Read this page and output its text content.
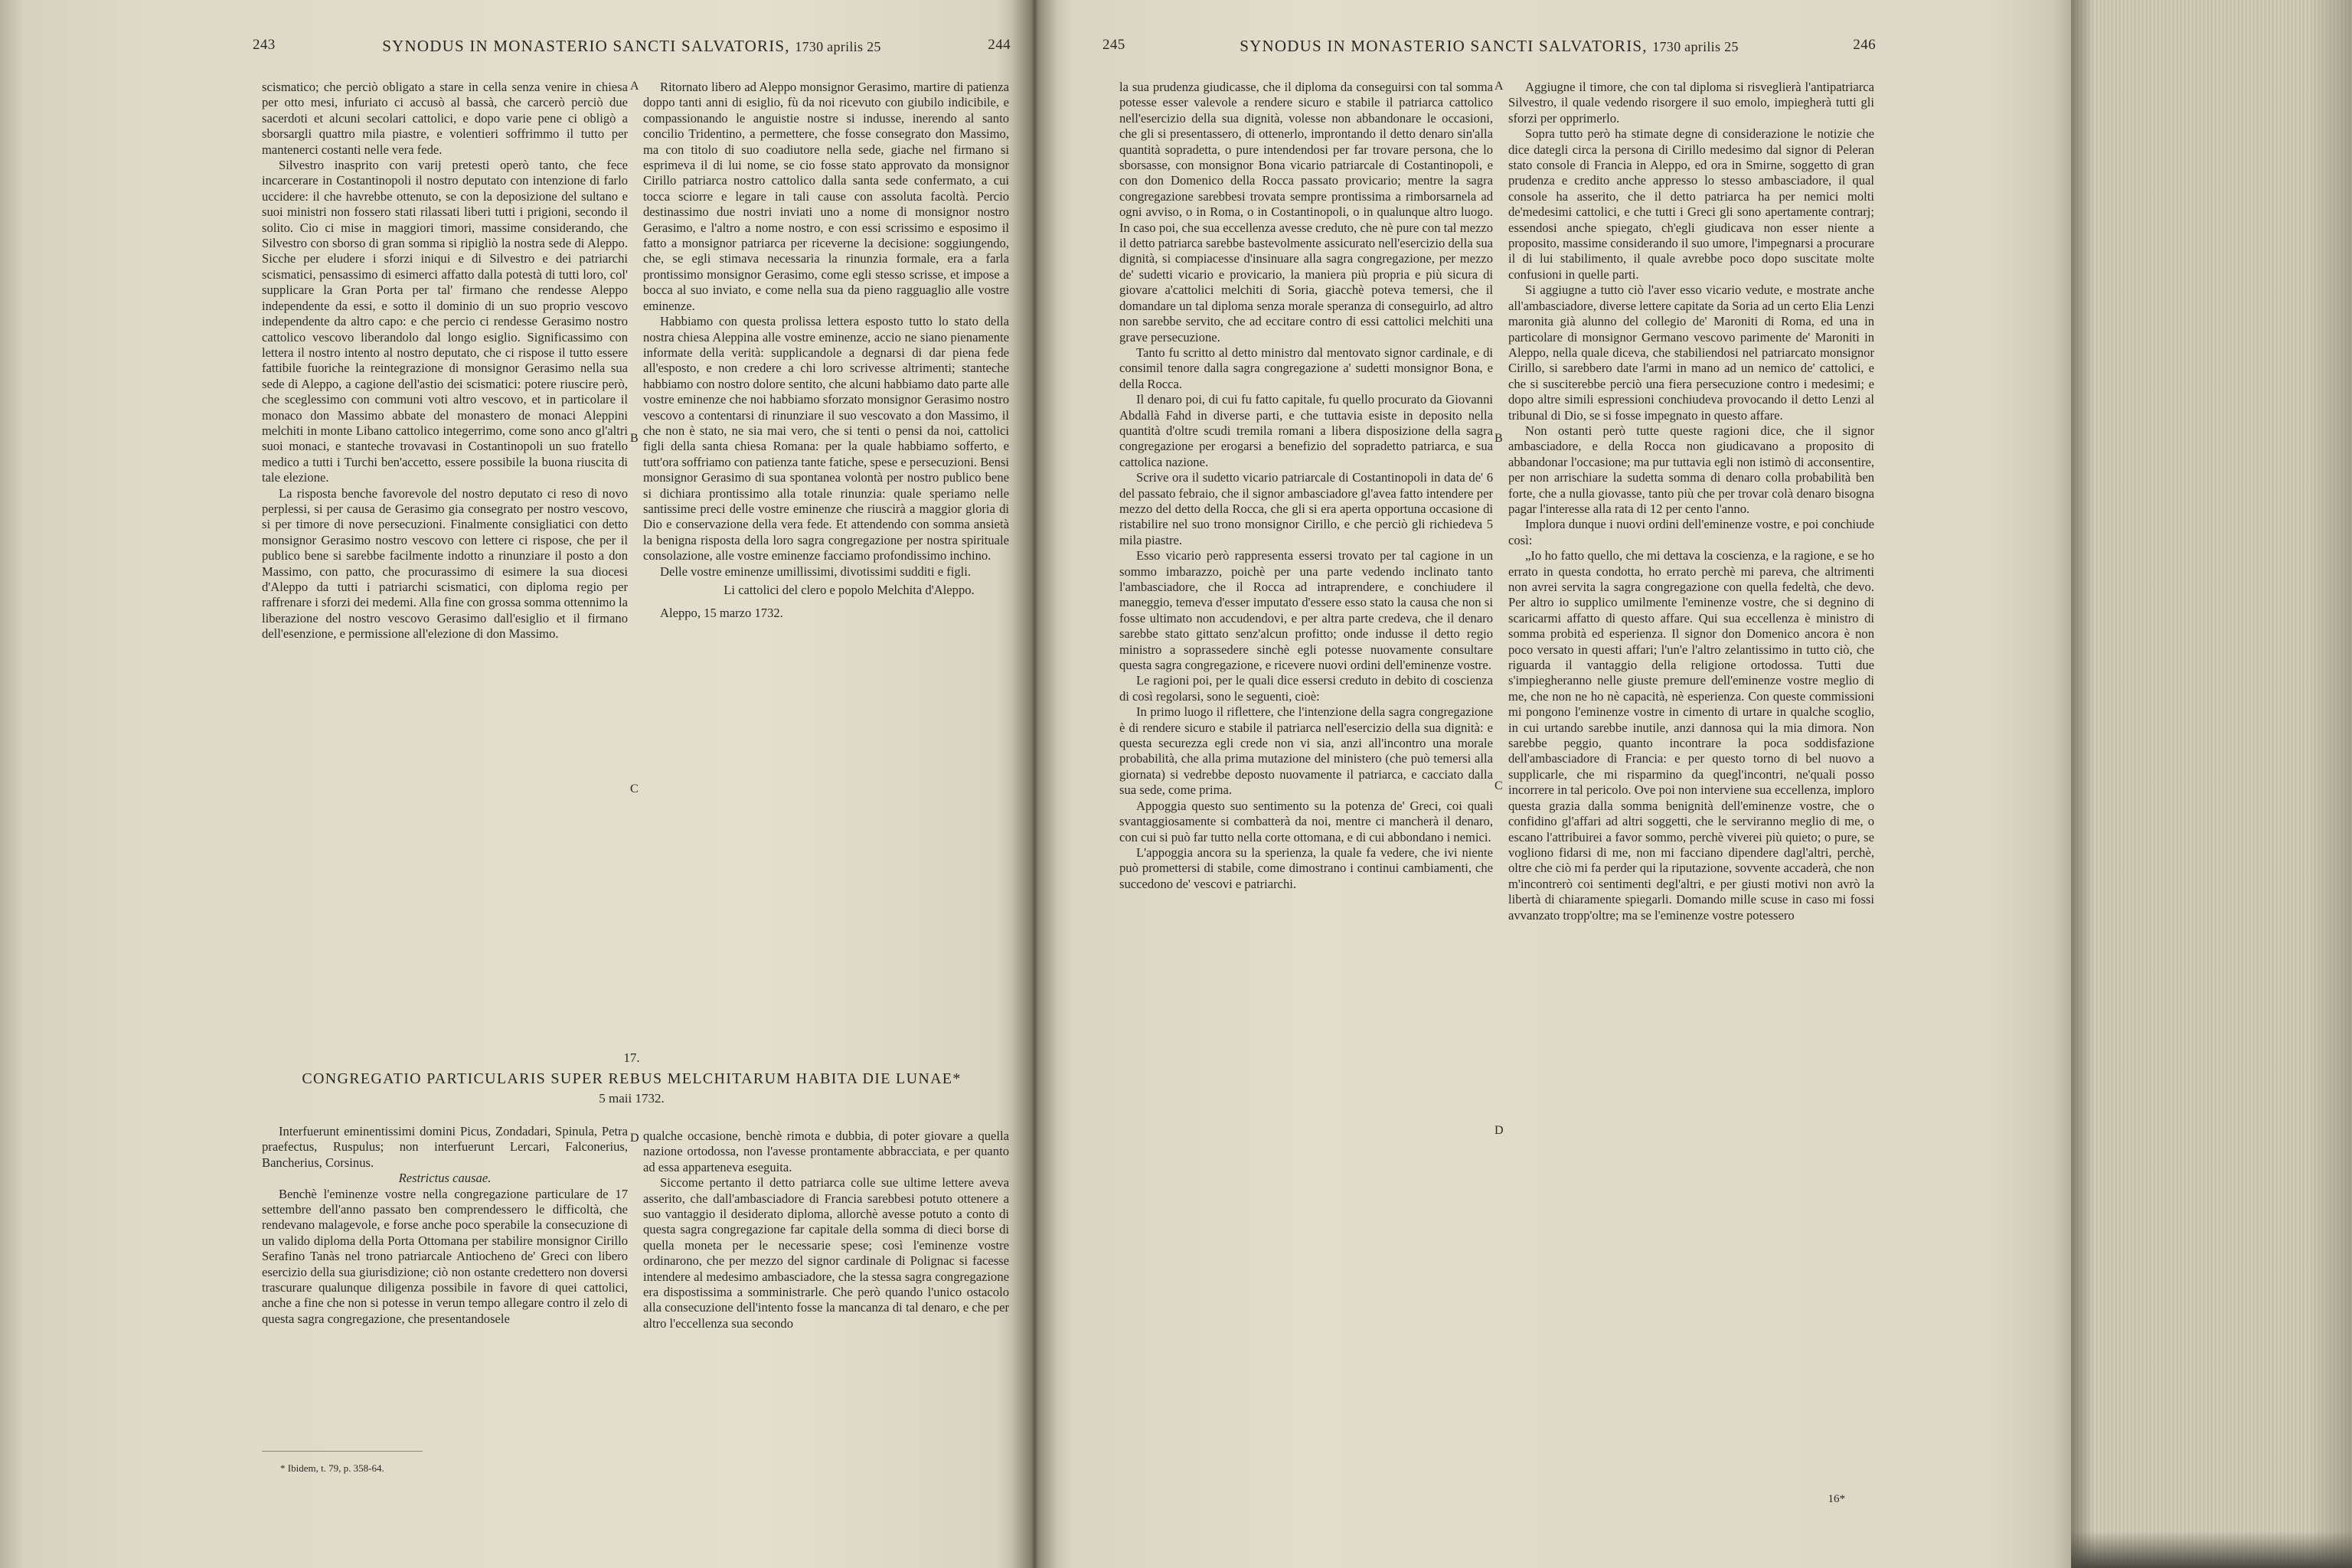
243	SYNODUS IN MONASTERIO SANCTI SALVATORIS, 1730 aprilis 25	244

scismatico; che perciò obligato a stare in cella senza venire in chiesa per otto mesi, infuriato ci accusò al bassà, che carcerò perciò due sacerdoti et alcuni secolari cattolici, e dopo varie pene ci obligò a sborsargli quattro mila piastre, e volentieri soffrimmo il tutto per mantenerci costanti nelle vera fede.

Silvestro inasprito con varij pretesti operò tanto, che fece incarcerare in Costantinopoli il nostro deputato con intenzione di farlo uccidere: il che havrebbe ottenuto, se con la deposizione del sultano e suoi ministri non fossero stati rilassati liberi tutti i prigioni, secondo il solito. Cio ci mise in maggiori timori, massime considerando, che Silvestro con sborso di gran somma si ripigliò la nostra sede di Aleppo. Sicche per eludere i sforzi iniqui e di Silvestro e dei patriarchi scismatici, pensassimo di esimerci affatto dalla potestà di tutti loro, col' supplicare la Gran Porta per tal' firmano che rendesse Aleppo independente da essi, e sotto il dominio di un suo proprio vescovo independente da altro capo: e che percio ci rendesse Gerasimo nostro cattolico vescovo liberandolo dal longo esiglio. Significassimo con lettera il nostro intento al nostro deputato, che ci rispose il tutto essere fattibile fuoriche la reintegrazione di monsignor Gerasimo nella sua sede di Aleppo, a cagione dell'astio dei scismatici: potere riuscire però, che sceglessimo con communi voti altro vescovo, et in particolare il monaco don Massimo abbate del monastero de monaci Aleppini melchiti in monte Libano cattolico integerrimo, come sono anco gl'altri suoi monaci, e stanteche trovavasi in Costantinopoli un suo fratello medico a tutti i Turchi ben'accetto, essere possibile la buona riuscita di tale elezione.

La risposta benche favorevole del nostro deputato ci reso di novo perplessi, si per causa de Gerasimo gia consegrato per nostro vescovo, si per timore di nove persecuzioni. Finalmente consigliatici con detto monsignor Gerasimo nostro vescovo con lettere ci rispose, che per il publico bene si sarebbe facilmente indotto a rinunziare il posto a don Massimo, con patto, che procurassimo di esimere la sua diocesi d'Aleppo da tutti i patriarchi scismatici, con diploma regio per raffrenare i sforzi dei medemi. Alla fine con grossa somma ottennimo la liberazione del nostro vescovo Gerasimo dall'esiglio et il firmano dell'esenzione, e permissione all'elezione di don Massimo.

Ritornato libero ad Aleppo monsignor Gerasimo, martire di patienza doppo tanti anni di esiglio, fù da noi ricevuto con giubilo indicibile, e compassionando le anguistie nostre si indusse, inerendo al santo concilio Tridentino, a permettere, che fosse consegrato don Massimo, ma con titolo di suo coadiutore nella sede, giache nel firmano si esprimeva il di lui nome, se cio fosse stato approvato da monsignor Cirillo patriarca nostro cattolico dalla santa sede confermato, a cui tocca sciorre e legare in tali cause con assoluta facoltà. Percio destinassimo due nostri inviati uno a nome di monsignor nostro Gerasimo, e l'altro a nome nostro, e con essi scrissimo e esposimo il fatto a monsignor patriarca per riceverne la decisione: soggiungendo, che, se egli stimava necessaria la rinunzia formale, era a farla prontissimo monsignor Gerasimo, come egli stesso scrisse, et impose a bocca al suo inviato, e come nella sua da pieno ragguaglio alle vostre eminenze.

Habbiamo con questa prolissa lettera esposto tutto lo stato della nostra chiesa Aleppina alle vostre eminenze, accio ne siano pienamente informate della verità: supplicandole a degnarsi di dar piena fede all'esposto, e non credere a chi loro scrivesse altrimenti; stanteche habbiamo con nostro dolore sentito, che alcuni habbiamo dato parte alle vostre eminenze che noi habbiamo sforzato monsignor Gerasimo nostro vescovo a contentarsi di rinunziare il suo vescovato a don Massimo, il che non è stato, ne sia mai vero, che si tenti o pensi da noi, cattolici figli della santa chiesa Romana: per la quale habbiamo sofferto, e tutt'ora soffriamo con patienza tante fatiche, spese e persecuzioni. Bensi monsignor Gerasimo di sua spontanea volontà per nostro publico bene si dichiara prontissimo alla totale rinunzia: quale speriamo nelle santissime preci delle vostre eminenze che riuscirà a maggior gloria di Dio e conservazione della vera fede. Et attendendo con somma ansietà la benigna risposta della loro sagra congregazione per nostra spirituale consolazione, alle vostre eminenze facciamo profondissimo inchino.

Delle vostre eminenze umillissimi, divotissimi sudditi e figli.

Li cattolici del clero e popolo Melchita d'Aleppo.

Aleppo, 15 marzo 1732.

A
B
C
D
17.
CONGREGATIO PARTICULARIS SUPER REBUS MELCHITARUM HABITA DIE LUNAE*
5 maii 1732.

Interfuerunt eminentissimi domini Picus, Zondadari, Spinula, Petra praefectus, Ruspulus; non interfuerunt Lercari, Falconerius, Bancherius, Corsinus.

Restrictus causae.

Benchè l'eminenze vostre nella congregazione particulare de 17 settembre dell'anno passato ben comprendessero le difficoltà, che rendevano malagevole, e forse anche poco sperabile la consecuzione di un valido diploma della Porta Ottomana per stabilire monsignor Cirillo Serafino Tanàs nel trono patriarcale Antiocheno de' Greci con libero esercizio della sua giurisdizione; ciò non ostante credettero non doversi trascurare qualunque diligenza possibile in favore di quei cattolici, anche a fine che non si potesse in verun tempo allegare contro il zelo di questa sagra congregazione, che presentandosele

qualche occasione, benchè rimota e dubbia, di poter giovare a quella nazione ortodossa, non l'avesse prontamente abbracciata, e per quanto ad essa apparteneva eseguita.

Siccome pertanto il detto patriarca colle sue ultime lettere aveva asserito, che dall'ambasciadore di Francia sarebbesi potuto ottenere a suo vantaggio il desiderato diploma, allorchè avesse potuto a conto di questa sagra congregazione far capitale della somma di dieci borse di quella moneta per le necessarie spese; così l'eminenze vostre ordinarono, che per mezzo del signor cardinale di Polignac si facesse intendere al medesimo ambasciadore, che la stessa sagra congregazione era dispostissima a somministrarle. Che però quando l'unico ostacolo alla consecuzione dell'intento fosse la mancanza di tal denaro, e che per altro l'eccellenza sua secondo

* Ibidem, t. 79, p. 358-64.
245	SYNODUS IN MONASTERIO SANCTI SALVATORIS, 1730 aprilis 25	246

la sua prudenza giudicasse, che il diploma da conseguirsi con tal somma potesse esser valevole a rendere sicuro e stabile il patriarca cattolico nell'esercizio della sua dignità, volesse non abbandonare le occasioni, che gli si presentassero, di ottenerlo, improntando il detto denaro sin'alla quantità sopradetta, o pure intendendosi per far trovare persona, che lo sborsasse, con monsignor Bona vicario patriarcale di Costantinopoli, e con don Domenico della Rocca passato provicario; mentre la sagra congregazione sarebbesi trovata sempre prontissima a rimborsarnela ad ogni avviso, o in Roma, o in Costantinopoli, o in qualunque altro luogo. In caso poi, che sua eccellenza avesse creduto, che nè pure con tal mezzo il detto patriarca sarebbe bastevolmente assicurato nell'esercizio della sua dignità, si compiacesse d'insinuare alla sagra congregazione, per mezzo de' sudetti vicario e provicario, la maniera più propria e più sicura di giovare a'cattolici melchiti di Soria, giacchè poteva temersi, che il domandare un tal diploma senza morale speranza di conseguirlo, ad altro non sarebbe servito, che ad eccitare contro di essi cattolici melchiti una grave persecuzione.

Tanto fu scritto al detto ministro dal mentovato signor cardinale, e di consimil tenore dalla sagra congregazione a' sudetti monsignor Bona, e della Rocca.

Il denaro poi, di cui fu fatto capitale, fu quello procurato da Giovanni Abdallà Fahd in diverse parti, e che tuttavia esiste in deposito nella quantità d'oltre scudi tremila romani a libera disposizione della sagra congregazione per erogarsi a benefizio del sopradetto patriarca, e sua cattolica nazione.

Scrive ora il sudetto vicario patriarcale di Costantinopoli in data de' 6 del passato febraio, che il signor ambasciadore gl'avea fatto intendere per mezzo del detto della Rocca, che gli si era aperta opportuna occasione di ristabilire nel suo trono monsignor Cirillo, e che perciò gli richiedeva 5 mila piastre.

Esso vicario però rappresenta essersi trovato per tal cagione in un sommo imbarazzo, poichè per una parte vedendo inclinato tanto l'ambasciadore, che il Rocca ad intraprendere, e conchiudere il maneggio, temeva d'esser imputato d'essere esso stato la causa che non si fosse ultimato non accudendovi, e per altra parte credeva, che il denaro sarebbe stato gittato senz'alcun profitto; onde indusse il detto regio ministro a soprassedere sinchè egli potesse nuovamente consultare questa sagra congregazione, e ricevere nuovi ordini dell'eminenze vostre.

Le ragioni poi, per le quali dice essersi creduto in debito di coscienza di così regolarsi, sono le seguenti, cioè:

In primo luogo il riflettere, che l'intenzione della sagra congregazione è di rendere sicuro e stabile il patriarca nell'esercizio della sua dignità: e questa securezza egli crede non vi sia, anzi all'incontro una morale probabilità, che alla prima mutazione del ministero (che può temersi alla giornata) si vedrebbe deposto nuovamente il patriarca, e cacciato dalla sua sede, come prima.

Appoggia questo suo sentimento su la potenza de' Greci, coi quali svantaggiosamente si combatterà da noi, mentre ci mancherà il denaro, con cui si può far tutto nella corte ottomana, e di cui abbondano i nemici.

L'appoggia ancora su la sperienza, la quale fa vedere, che ivi niente può promettersi di stabile, come dimostrano i continui cambiamenti, che succedono de' vescovi e patriarchi.

Aggiugne il timore, che con tal diploma si risveglierà l'antipatriarca Silvestro, il quale vedendo risorgere il suo emolo, impiegherà tutti gli sforzi per opprimerlo.

Sopra tutto però ha stimate degne di considerazione le notizie che dice dategli circa la persona di Cirillo medesimo dal signor di Peleran stato console di Francia in Aleppo, ed ora in Smirne, soggetto di gran prudenza e credito anche appresso lo stesso ambasciadore, il qual console ha asserito, che il detto patriarca ha per nemici molti de'medesimi cattolici, e che tutti i Greci gli sono apertamente contrarj; essendosi anche spiegato, ch'egli giudicava non esser niente a proposito, massime considerando il suo umore, l'impegnarsi a procurare il di lui stabilimento, il quale avrebbe poco dopo suscitate molte confusioni in quelle parti.

Si aggiugne a tutto ciò l'aver esso vicario vedute, e mostrate anche all'ambasciadore, diverse lettere capitate da Soria ad un certo Elia Lenzi maronita già alunno del collegio de' Maroniti di Roma, ed una in particolare di monsignor Germano vescovo parimente de' Maroniti in Aleppo, nella quale diceva, che stabiliendosi nel patriarcato monsignor Cirillo, si sarebbero date l'armi in mano ad un nemico de' cattolici, e che si susciterebbe perciò una fiera persecuzione contro i medesimi; e dopo altre simili espressioni conchiudeva provocando il detto Lenzi al tribunal di Dio, se si fosse impegnato in questo affare.

Non ostanti però tutte queste ragioni dice, che il signor ambasciadore, e della Rocca non giudicavano a proposito di abbandonar l'occasione; ma pur tuttavia egli non istimò di acconsentire, per non arrischiare la sudetta somma di denaro colla probabilità ben forte, che a nulla giovasse, tanto più che per trovar colà denaro bisogna pagar l'interesse alla rata di 12 per cento l'anno.

Implora dunque i nuovi ordini dell'eminenze vostre, e poi conchiude così:

„Io ho fatto quello, che mi dettava la coscienza, e la ragione, e se ho errato in questa condotta, ho errato perchè mi pareva, che altrimenti non avrei servita la sagra congregazione con quella fedeltà, che devo. Per altro io supplico umilmente l'eminenze vostre, che si degnino di scaricarmi affatto di questo affare. Qui sua eccellenza è ministro di somma probità ed esperienza. Il signor don Domenico ancora è non poco versato in questi affari; l'un'e l'altro zelantissimo in tutto ciò, che riguarda il vantaggio della religione ortodossa. Tutti due s'impiegheranno nelle giuste premure dell'eminenze vostre meglio di me, che non ne ho nè capacità, nè esperienza. Con queste commissioni mi pongono l'eminenze vostre in cimento di urtare in qualche scoglio, in cui urtando sarebbe inutile, anzi dannosa qui la mia dimora. Non sarebbe peggio, quanto incontrare la poca soddisfazione dell'ambasciadore di Francia: e per questo torno di bel nuovo a supplicarle, che mi risparmino da quegl'incontri, ne'quali posso incorrere in tal pericolo. Ove poi non interviene sua eccellenza, imploro questa grazia dalla somma benignità dell'eminenze vostre, che o confidino gl'affari ad altri soggetti, che le serviranno meglio di me, o escano l'attribuirei a favor sommo, perchè viverei più quieto; o pure, se vogliono fidarsi di me, non mi facciano dipendere dagl'altri, perchè, oltre che ciò mi fa perder qui la riputazione, sovvente accaderà, che non m'incontrerò coi sentimenti degl'altri, e per giusti motivi non avrò la libertà di chiaramente spiegarli. Domando mille scuse in caso mi fossi avvanzato tropp'oltre; ma se l'eminenze vostre potessero

A
B
C
D
16*
